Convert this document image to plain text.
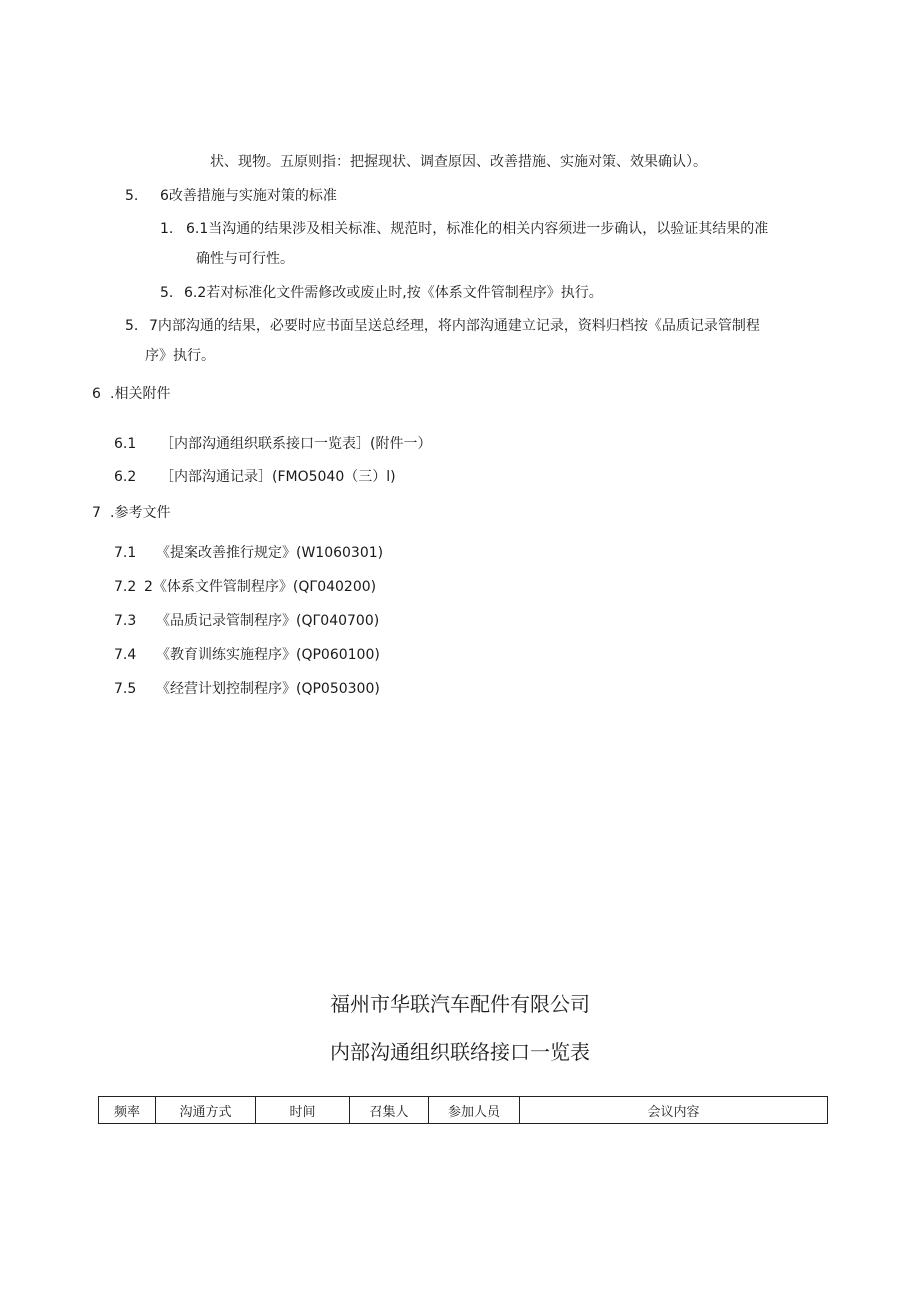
状、现物。五原则指：把握现状、调查原因、改善措施、实施对策、效果确认）。
5. 6改善措施与实施对策的标准
1. 6.1当沟通的结果涉及相关标准、规范时，标准化的相关内容须进一步确认，以验证其结果的准
确性与可行性。
5. 6.2若对标准化文件需修改或废止时,按《体系文件管制程序》执行。
5. 7内部沟通的结果，必要时应书面呈送总经理，将内部沟通建立记录，资料归档按《品质记录管制程
序》执行。
6 .相关附件
6.1 ［内部沟通组织联系接口一览表］(附件一）
6.2 ［内部沟通记录］(FMO5040（三）l)
7 .参考文件
7.1 《提案改善推行规定》(W1060301)
7.2 2《体系文件管制程序》(QΓ040200)
7.3 《品质记录管制程序》(QΓ040700)
7.4 《教育训练实施程序》(QP060100)
7.5 《经营计划控制程序》(QP050300)
福州市华联汽车配件有限公司
内部沟通组织联络接口一览表
频率	沟通方式	时间	召集人	参加人员	会议内容
